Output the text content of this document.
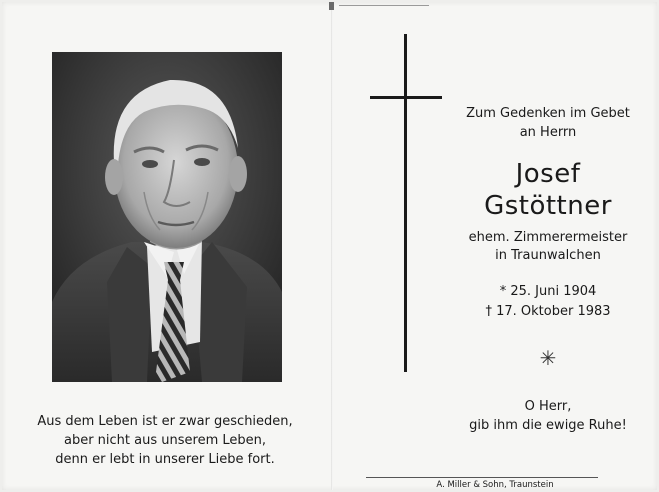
Aus dem Leben ist er zwar geschieden,
aber nicht aus unserem Leben,
denn er lebt in unserer Liebe fort.
Zum Gedenken im Gebet
an Herrn
Josef
Gstöttner
ehem. Zimmerermeister
in Traunwalchen
* 25. Juni 1904
† 17. Oktober 1983
✳
O Herr,
gib ihm die ewige Ruhe!
A. Miller & Sohn, Traunstein
